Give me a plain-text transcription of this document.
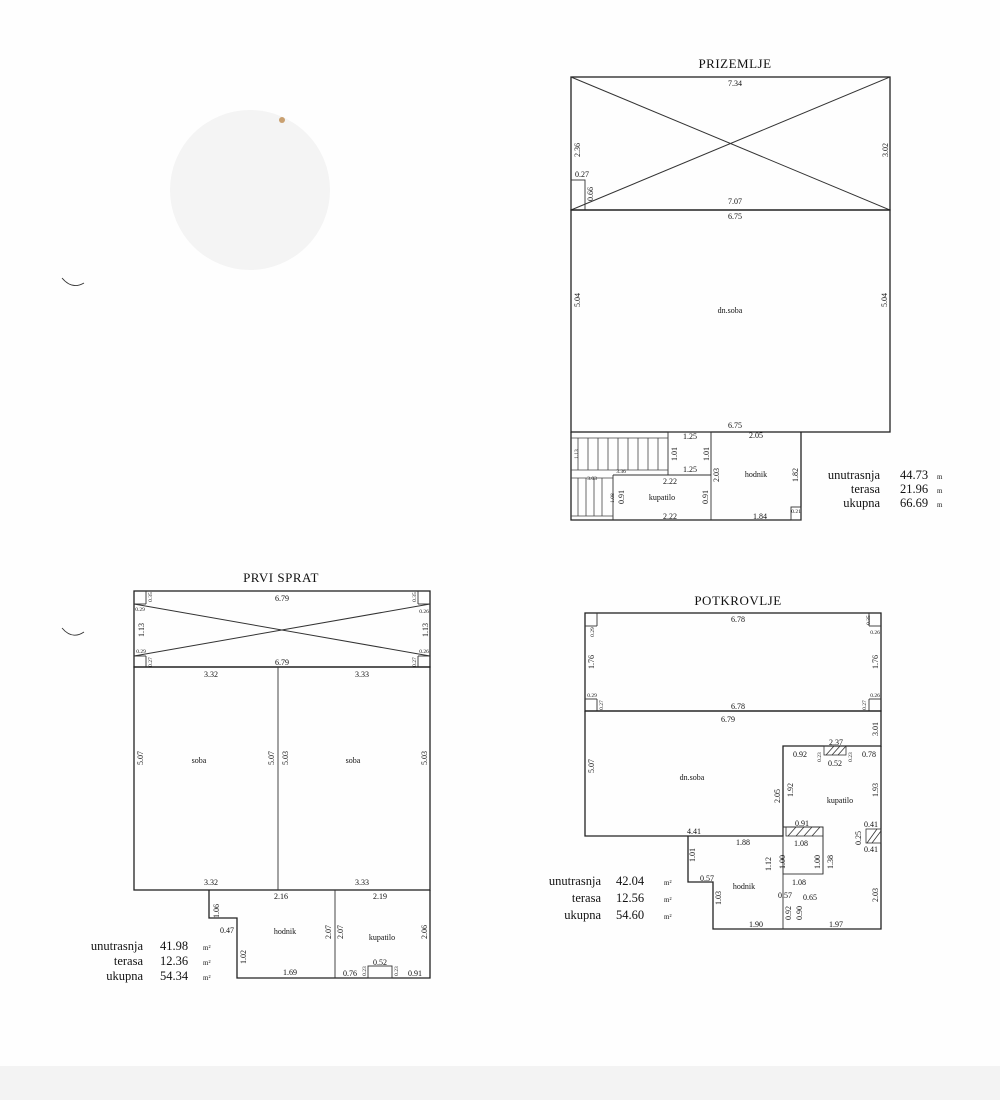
PRIZEMLJE
dn.soba
hodnik
kupatilo
7.34
2.36	3.02
0.27
0.66
7.07
6.75
5.04	5.04
6.75
1.25
1.01	1.01
1.25
1.13
2.05
2.22	2.03	1.82
3.03
1.08 0.91	0.91
2.22	1.84	0.21
3.36	unutrasnja 44.73 m
terasa 21.96 m
ukupna 66.69 m
PRVI SPRAT
soba	soba
hodnik
kupatilo
6.79
0.35
0.29
0.35
0.26
1.13	1.13
0.29
0.27
0.26
0.27
6.79
3.32	3.33
5.07	5.07 5.03	5.03
3.32	3.33
2.16	2.19
1.06
0.47
1.02
2.07 2.07	2.06
1.69	0.76
0.52
0.23	0.23 0.91
unutrasnja 41.98 m²
terasa 12.36 m²
ukupna 54.34 m²
POTKROVLJE
dn.soba
kupatilo
hodnik
6.78	0.35
0.29	0.26
1.76	1.76
0.29
0.27
0.26
0.27
6.78
6.79
3.01
2.37
0.92 0.23
0.52
0.23 0.78
5.07
2.05 1.92	1.93
0.91	0.41
0.25
0.41
4.41
1.88	1.08
1.01
1.12 1.00	1.00 1.38
0.57	1.08
0.57 0.65
1.03
0.92 0.90
2.03
1.90	1.97
unutrasnja 42.04	m²
terasa 12.56	m²
ukupna 54.60	m²
